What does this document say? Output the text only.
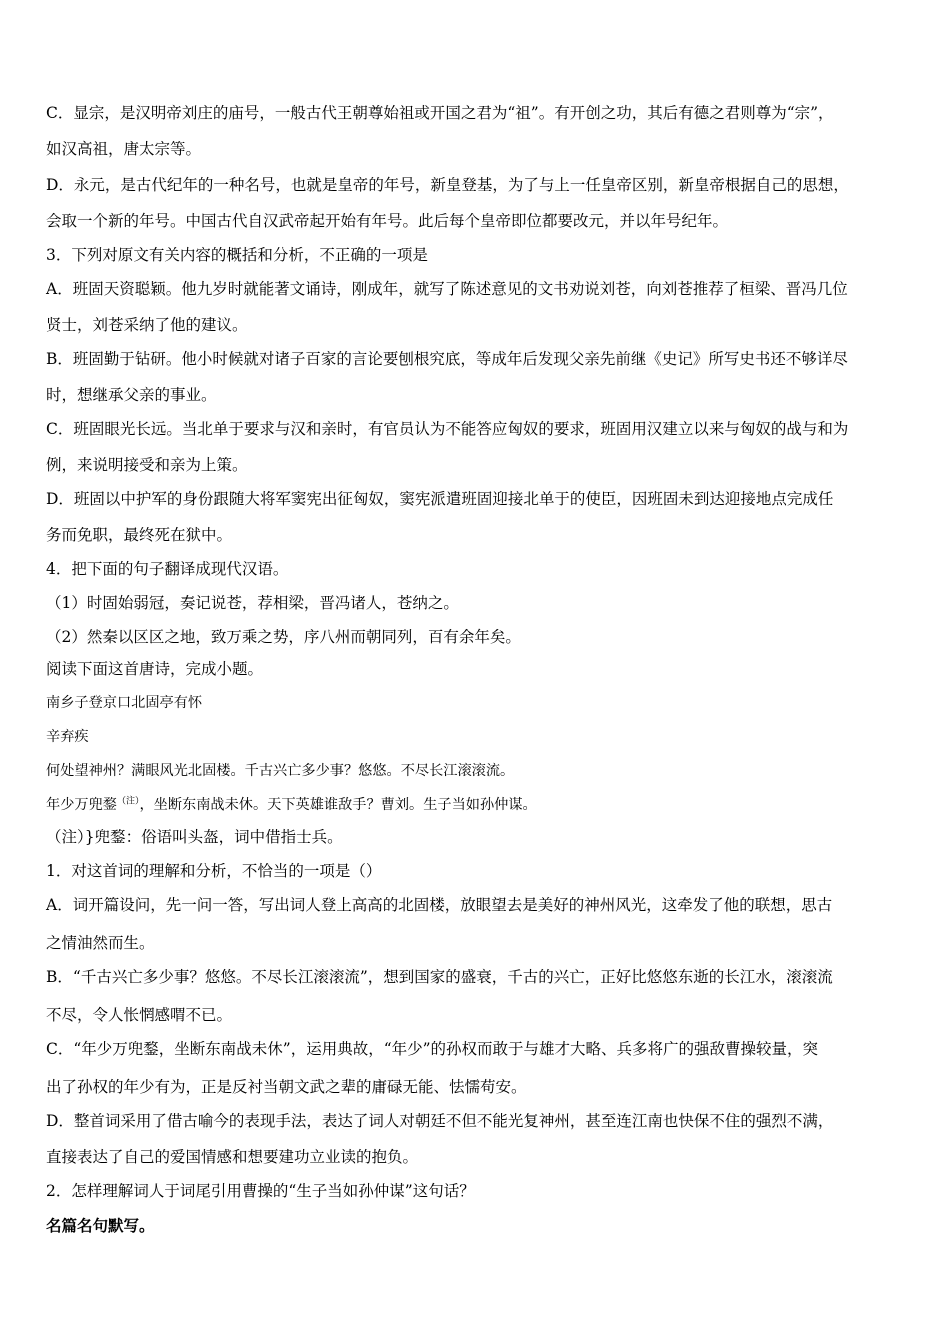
C．显宗，是汉明帝刘庄的庙号，一般古代王朝尊始祖或开国之君为“祖”。有开创之功，其后有德之君则尊为“宗”，

如汉高祖，唐太宗等。

D．永元，是古代纪年的一种名号，也就是皇帝的年号，新皇登基，为了与上一任皇帝区别，新皇帝根据自己的思想，

会取一个新的年号。中国古代自汉武帝起开始有年号。此后每个皇帝即位都要改元，并以年号纪年。

3．下列对原文有关内容的概括和分析，不正确的一项是

A．班固天资聪颖。他九岁时就能著文诵诗，刚成年，就写了陈述意见的文书劝说刘苍，向刘苍推荐了桓梁、晋冯几位

贤士，刘苍采纳了他的建议。

B．班固勤于钻研。他小时候就对诸子百家的言论要刨根究底，等成年后发现父亲先前继《史记》所写史书还不够详尽

时，想继承父亲的事业。

C．班固眼光长远。当北单于要求与汉和亲时，有官员认为不能答应匈奴的要求，班固用汉建立以来与匈奴的战与和为

例，来说明接受和亲为上策。

D．班固以中护军的身份跟随大将军窦宪出征匈奴，窦宪派遣班固迎接北单于的使臣，因班固未到达迎接地点完成任

务而免职，最终死在狱中。

4．把下面的句子翻译成现代汉语。

（1）时固始弱冠，奏记说苍，荐相梁，晋冯诸人，苍纳之。

（2）然秦以区区之地，致万乘之势，序八州而朝同列，百有余年矣。

阅读下面这首唐诗，完成小题。

南乡子登京口北固亭有怀

辛弃疾

何处望神州？满眼风光北固楼。千古兴亡多少事？悠悠。不尽长江滚滚流。

年少万兜鍪$^{(注)}$，坐断东南战未休。天下英雄谁敌手？曹刘。生子当如孙仲谋。

（注）}兜鍪：俗语叫头盔，词中借指士兵。

1．对这首词的理解和分析，不恰当的一项是（）

A．词开篇设问，先一问一答，写出词人登上高高的北固楼，放眼望去是美好的神州风光，这牵发了他的联想，思古

之情油然而生。

B．“千古兴亡多少事？悠悠。不尽长江滚滚流”，想到国家的盛衰，千古的兴亡，正好比悠悠东逝的长江水，滚滚流

不尽，令人怅惘感喟不已。

C．“年少万兜鍪，坐断东南战未休”，运用典故，“年少”的孙权而敢于与雄才大略、兵多将广的强敌曹操较量，突

出了孙权的年少有为，正是反衬当朝文武之辈的庸碌无能、怯懦苟安。

D．整首词采用了借古喻今的表现手法，表达了词人对朝廷不但不能光复神州，甚至连江南也快保不住的强烈不满，

直接表达了自己的爱国情感和想要建功立业读的抱负。

2．怎样理解词人于词尾引用曹操的“生子当如孙仲谋”这句话？

名篇名句默写。
